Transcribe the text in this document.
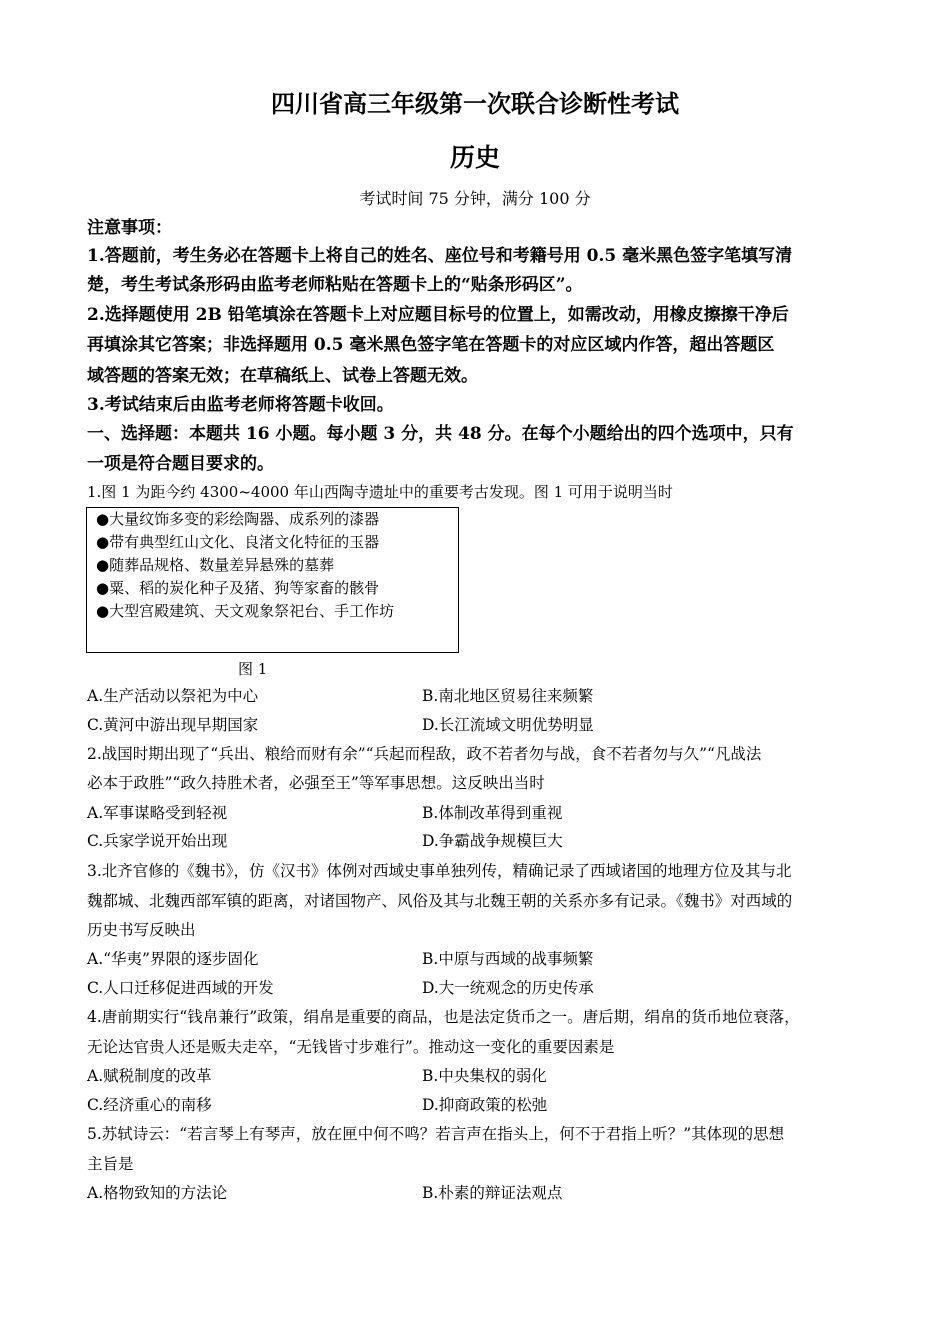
四川省高三年级第一次联合诊断性考试
历史
考试时间 75 分钟，满分 100 分
注意事项：
1.答题前，考生务必在答题卡上将自己的姓名、座位号和考籍号用 0.5 毫米黑色签字笔填写清
楚，考生考试条形码由监考老师粘贴在答题卡上的“贴条形码区”。
2.选择题使用 2B 铅笔填涂在答题卡上对应题目标号的位置上，如需改动，用橡皮擦擦干净后
再填涂其它答案；非选择题用 0.5 毫米黑色签字笔在答题卡的对应区域内作答，超出答题区
域答题的答案无效；在草稿纸上、试卷上答题无效。
3.考试结束后由监考老师将答题卡收回。
一、选择题：本题共 16 小题。每小题 3 分，共 48 分。在每个小题给出的四个选项中，只有
一项是符合题目要求的。
1.图 1 为距今约 4300~4000 年山西陶寺遗址中的重要考古发现。图 1 可用于说明当时
●大量纹饰多变的彩绘陶器、成系列的漆器
●带有典型红山文化、良渚文化特征的玉器
●随葬品规格、数量差异悬殊的墓葬
●粟、稻的炭化种子及猪、狗等家畜的骸骨
●大型宫殿建筑、天文观象祭祀台、手工作坊
图 1
A.生产活动以祭祀为中心	B.南北地区贸易往来频繁
C.黄河中游出现早期国家	D.长江流域文明优势明显
2.战国时期出现了“兵出、粮给而财有余”“兵起而程敌，政不若者勿与战，食不若者勿与久”“凡战法
必本于政胜”“政久持胜术者，必强至王”等军事思想。这反映出当时
A.军事谋略受到轻视	B.体制改革得到重视
C.兵家学说开始出现	D.争霸战争规模巨大
3.北齐官修的《魏书》，仿《汉书》体例对西域史事单独列传，精确记录了西域诸国的地理方位及其与北
魏都城、北魏西部军镇的距离，对诸国物产、风俗及其与北魏王朝的关系亦多有记录。《魏书》对西域的
历史书写反映出
A.“华夷”界限的逐步固化	B.中原与西域的战事频繁
C.人口迁移促进西域的开发	D.大一统观念的历史传承
4.唐前期实行“钱帛兼行”政策，绢帛是重要的商品，也是法定货币之一。唐后期，绢帛的货币地位衰落，
无论达官贵人还是贩夫走卒，“无钱皆寸步难行”。推动这一变化的重要因素是
A.赋税制度的改革	B.中央集权的弱化
C.经济重心的南移	D.抑商政策的松弛
5.苏轼诗云：“若言琴上有琴声，放在匣中何不鸣？若言声在指头上，何不于君指上听？”其体现的思想
主旨是
A.格物致知的方法论	B.朴素的辩证法观点
